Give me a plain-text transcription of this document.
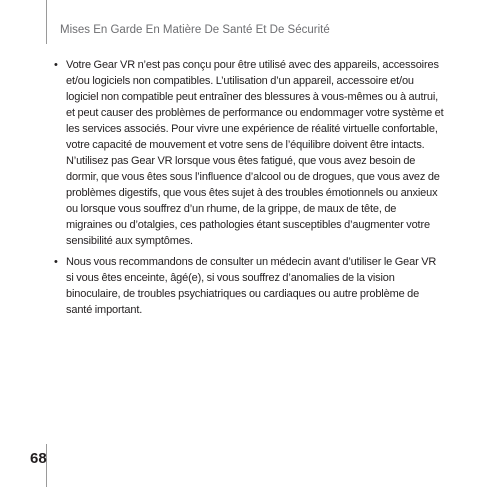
Mises En Garde En Matière De Santé Et De Sécurité
• Votre Gear VR n’est pas conçu pour être utilisé avec des appareils, accessoires et/ou logiciels non compatibles. L’utilisation d’un appareil, accessoire et/ou logiciel non compatible peut entraîner des blessures à vous-mêmes ou à autrui, et peut causer des problèmes de performance ou endommager votre système et les services associés. Pour vivre une expérience de réalité virtuelle confortable, votre capacité de mouvement et votre sens de l’équilibre doivent être intacts. N’utilisez pas Gear VR lorsque vous êtes fatigué, que vous avez besoin de dormir, que vous êtes sous l’influence d’alcool ou de drogues, que vous avez de problèmes digestifs, que vous êtes sujet à des troubles émotionnels ou anxieux ou lorsque vous souffrez d’un rhume, de la grippe, de maux de tête, de migraines ou d’otalgies, ces pathologies étant susceptibles d’augmenter votre sensibilité aux symptômes.
• Nous vous recommandons de consulter un médecin avant d’utiliser le Gear VR si vous êtes enceinte, âgé(e), si vous souffrez d’anomalies de la vision binoculaire, de troubles psychiatriques ou cardiaques ou autre problème de santé important.
68
